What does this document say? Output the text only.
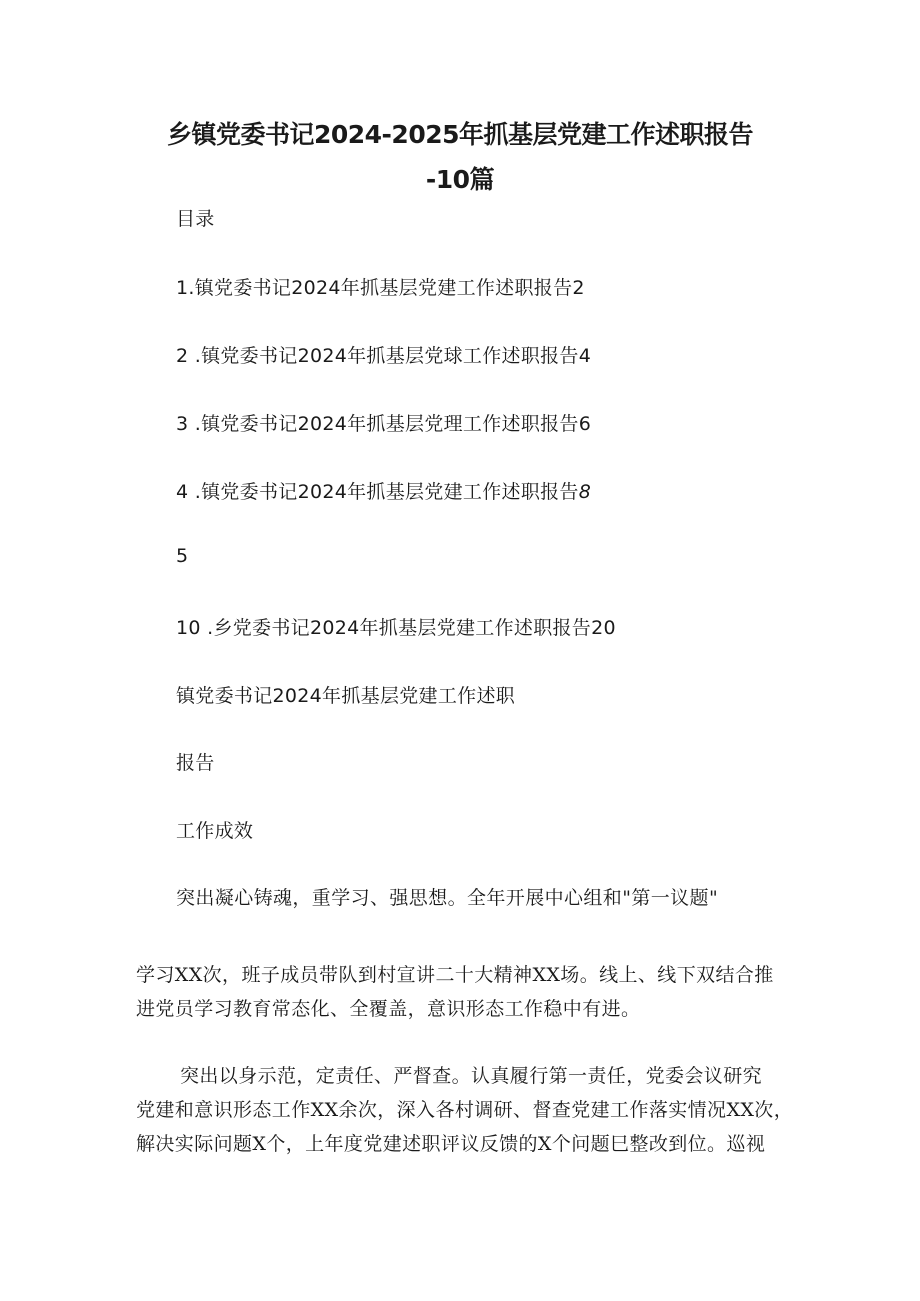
乡镇党委书记2024-2025年抓基层党建工作述职报告
-10篇
目录
1.镇党委书记2024年抓基层党建工作述职报告2
2 .镇党委书记2024年抓基层党球工作述职报告4
3 .镇党委书记2024年抓基层党理工作述职报告6
4 .镇党委书记2024年抓基层党建工作述职报告8
5
10 .乡党委书记2024年抓基层党建工作述职报告20
镇党委书记2024年抓基层党建工作述职
报告
工作成效
突出凝心铸魂，重学习、强思想。全年开展中心组和"第一议题"
学习XX次，班子成员带队到村宣讲二十大精神XX场。线上、线下双结合推
进党员学习教育常态化、全覆盖，意识形态工作稳中有进。
突出以身示范，定责任、严督查。认真履行第一责任，党委会议研究
党建和意识形态工作XX余次，深入各村调研、督查党建工作落实情况XX次，
解决实际问题X个，上年度党建述职评议反馈的X个问题巳整改到位。巡视
